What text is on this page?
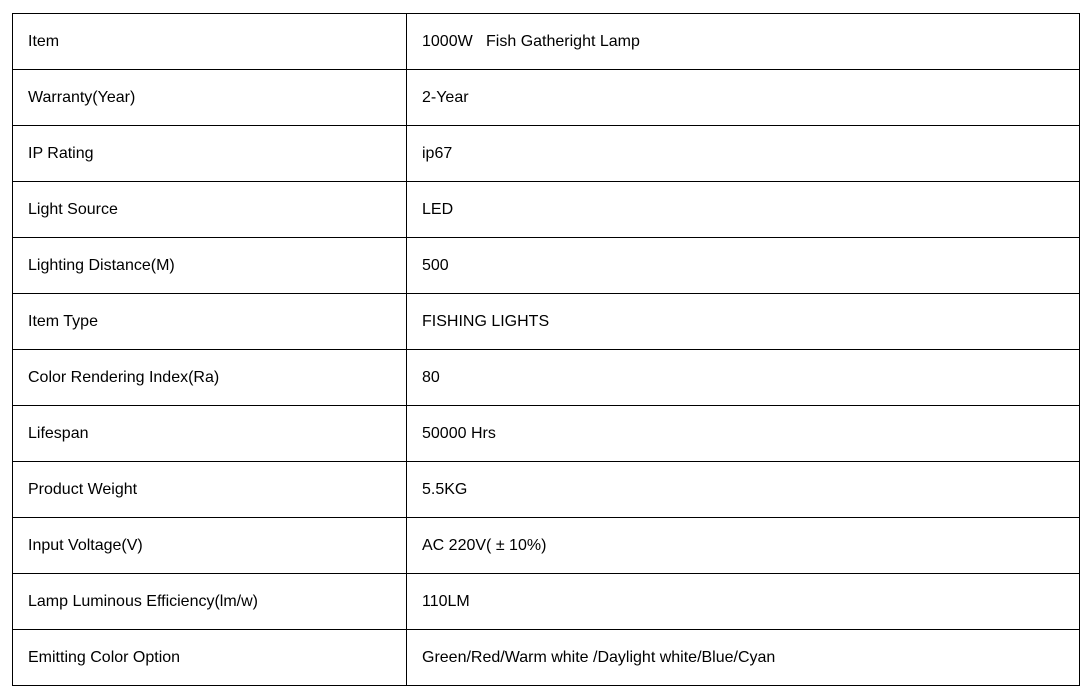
Item	1000W   Fish Gatheright Lamp
Warranty(Year)	2-Year
IP Rating	ip67
Light Source	LED
Lighting Distance(M)	500
Item Type	FISHING LIGHTS
Color Rendering Index(Ra)	80
Lifespan	50000 Hrs
Product Weight	5.5KG
Input Voltage(V)	AC 220V( ± 10%)
Lamp Luminous Efficiency(lm/w)	110LM
Emitting Color Option	Green/Red/Warm white /Daylight white/Blue/Cyan
